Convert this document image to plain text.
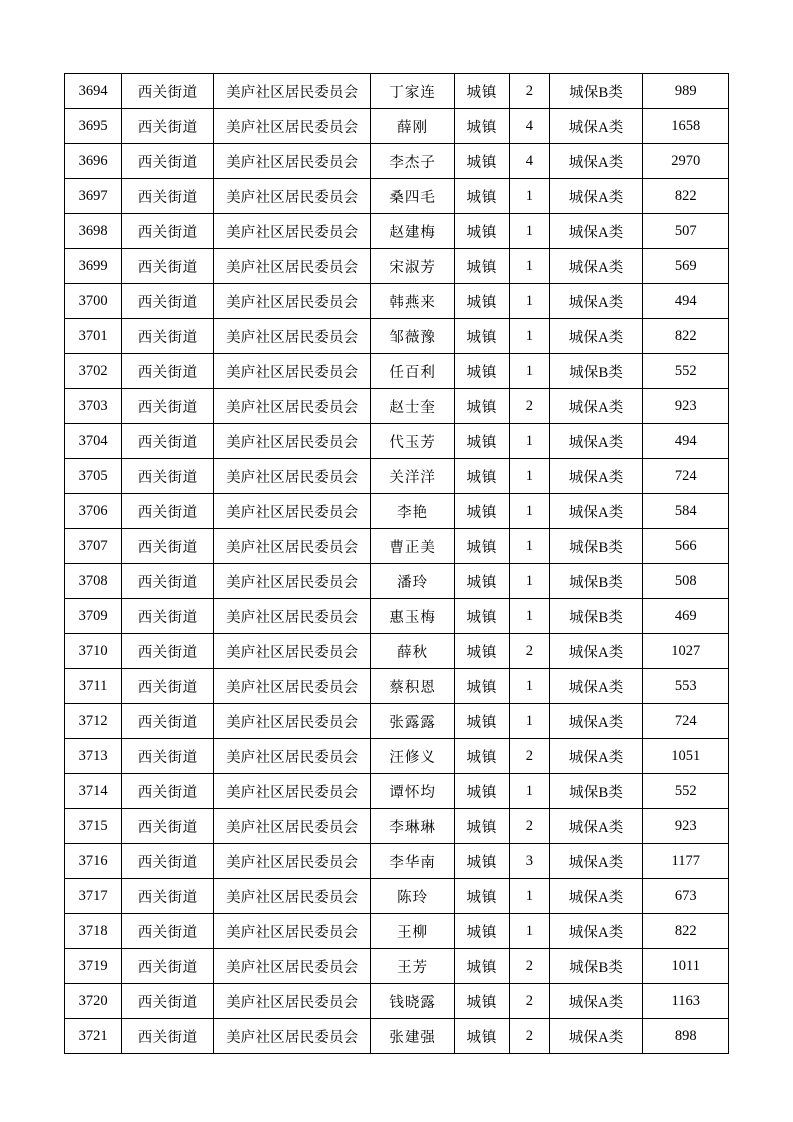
3694	西关街道	美庐社区居民委员会	丁家连	城镇	2	城保B类	989
3695	西关街道	美庐社区居民委员会	薛刚	城镇	4	城保A类	1658
3696	西关街道	美庐社区居民委员会	李杰子	城镇	4	城保A类	2970
3697	西关街道	美庐社区居民委员会	桑四毛	城镇	1	城保A类	822
3698	西关街道	美庐社区居民委员会	赵建梅	城镇	1	城保A类	507
3699	西关街道	美庐社区居民委员会	宋淑芳	城镇	1	城保A类	569
3700	西关街道	美庐社区居民委员会	韩燕来	城镇	1	城保A类	494
3701	西关街道	美庐社区居民委员会	邹薇豫	城镇	1	城保A类	822
3702	西关街道	美庐社区居民委员会	任百利	城镇	1	城保B类	552
3703	西关街道	美庐社区居民委员会	赵士奎	城镇	2	城保A类	923
3704	西关街道	美庐社区居民委员会	代玉芳	城镇	1	城保A类	494
3705	西关街道	美庐社区居民委员会	关洋洋	城镇	1	城保A类	724
3706	西关街道	美庐社区居民委员会	李艳	城镇	1	城保A类	584
3707	西关街道	美庐社区居民委员会	曹正美	城镇	1	城保B类	566
3708	西关街道	美庐社区居民委员会	潘玲	城镇	1	城保B类	508
3709	西关街道	美庐社区居民委员会	惠玉梅	城镇	1	城保B类	469
3710	西关街道	美庐社区居民委员会	薛秋	城镇	2	城保A类	1027
3711	西关街道	美庐社区居民委员会	蔡积恩	城镇	1	城保A类	553
3712	西关街道	美庐社区居民委员会	张露露	城镇	1	城保A类	724
3713	西关街道	美庐社区居民委员会	汪修义	城镇	2	城保A类	1051
3714	西关街道	美庐社区居民委员会	谭怀均	城镇	1	城保B类	552
3715	西关街道	美庐社区居民委员会	李琳琳	城镇	2	城保A类	923
3716	西关街道	美庐社区居民委员会	李华南	城镇	3	城保A类	1177
3717	西关街道	美庐社区居民委员会	陈玲	城镇	1	城保A类	673
3718	西关街道	美庐社区居民委员会	王柳	城镇	1	城保A类	822
3719	西关街道	美庐社区居民委员会	王芳	城镇	2	城保B类	1011
3720	西关街道	美庐社区居民委员会	钱晓露	城镇	2	城保A类	1163
3721	西关街道	美庐社区居民委员会	张建强	城镇	2	城保A类	898
